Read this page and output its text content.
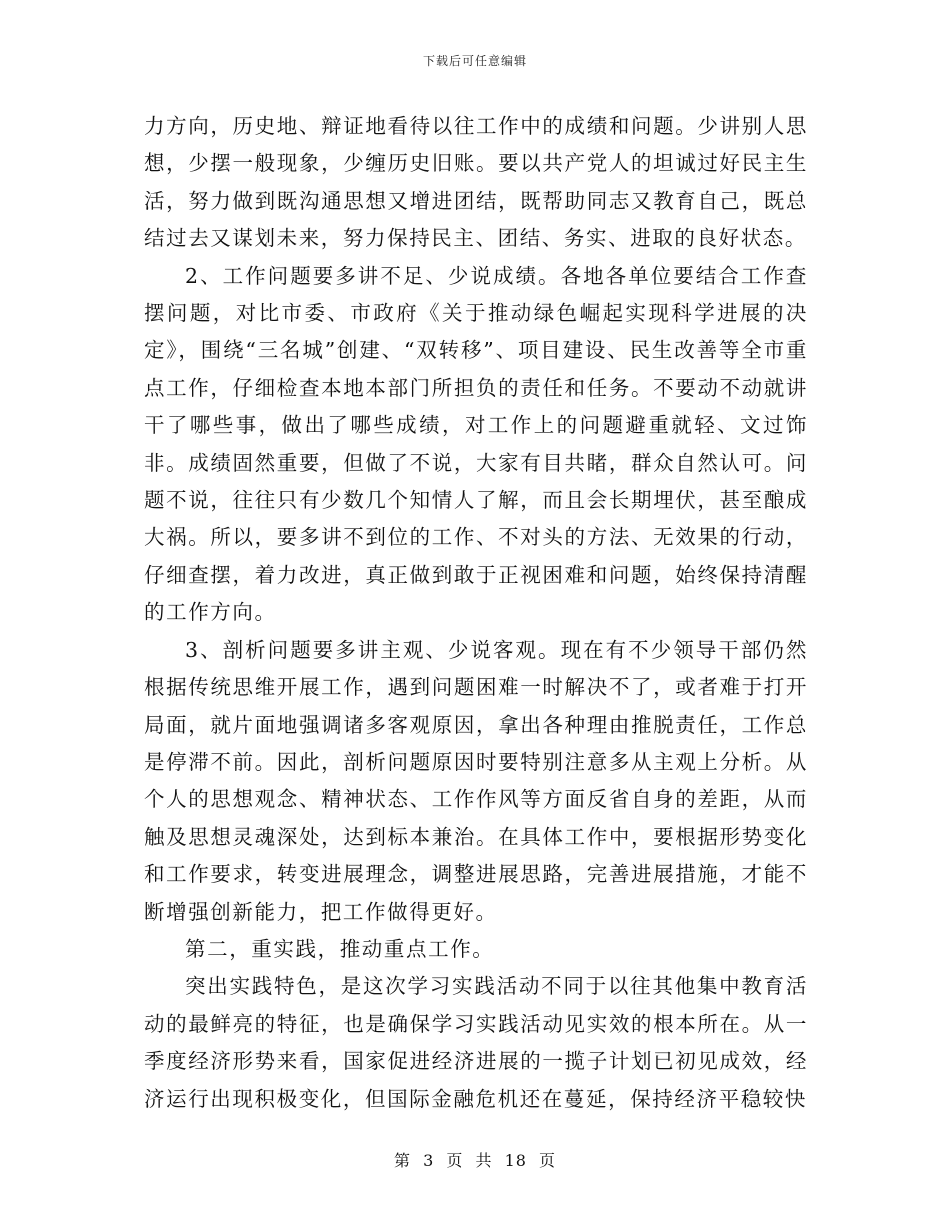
下载后可任意编辑

力方向，历史地、辩证地看待以往工作中的成绩和问题。少讲别人思想，少摆一般现象，少缠历史旧账。要以共产党人的坦诚过好民主生活，努力做到既沟通思想又增进团结，既帮助同志又教育自己，既总结过去又谋划未来，努力保持民主、团结、务实、进取的良好状态。

2、工作问题要多讲不足、少说成绩。各地各单位要结合工作查摆问题，对比市委、市政府《关于推动绿色崛起实现科学进展的决定》，围绕“三名城”创建、“双转移”、项目建设、民生改善等全市重点工作，仔细检查本地本部门所担负的责任和任务。不要动不动就讲干了哪些事，做出了哪些成绩，对工作上的问题避重就轻、文过饰非。成绩固然重要，但做了不说，大家有目共睹，群众自然认可。问题不说，往往只有少数几个知情人了解，而且会长期埋伏，甚至酿成大祸。所以，要多讲不到位的工作、不对头的方法、无效果的行动，仔细查摆，着力改进，真正做到敢于正视困难和问题，始终保持清醒的工作方向。

3、剖析问题要多讲主观、少说客观。现在有不少领导干部仍然根据传统思维开展工作，遇到问题困难一时解决不了，或者难于打开局面，就片面地强调诸多客观原因，拿出各种理由推脱责任，工作总是停滞不前。因此，剖析问题原因时要特别注意多从主观上分析。从个人的思想观念、精神状态、工作作风等方面反省自身的差距，从而触及思想灵魂深处，达到标本兼治。在具体工作中，要根据形势变化和工作要求，转变进展理念，调整进展思路，完善进展措施，才能不断增强创新能力，把工作做得更好。

第二，重实践，推动重点工作。

突出实践特色，是这次学习实践活动不同于以往其他集中教育活动的最鲜亮的特征，也是确保学习实践活动见实效的根本所在。从一季度经济形势来看，国家促进经济进展的一揽子计划已初见成效，经济运行出现积极变化，但国际金融危机还在蔓延，保持经济平稳较快

第 3 页 共 18 页
